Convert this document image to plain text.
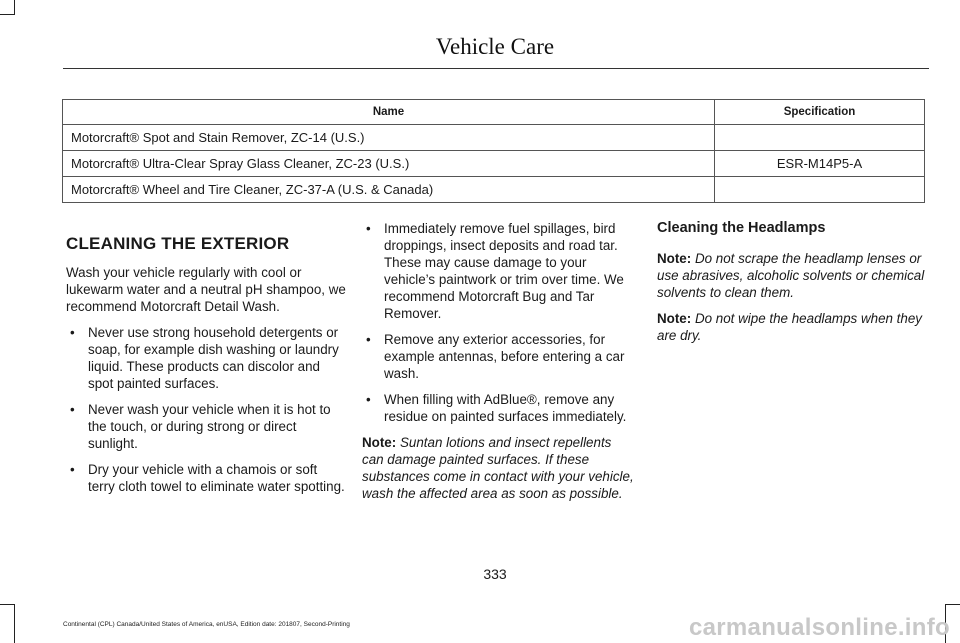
Vehicle Care
Name	Specification
Motorcraft® Spot and Stain Remover, ZC-14 (U.S.)	
Motorcraft® Ultra-Clear Spray Glass Cleaner, ZC-23 (U.S.)	ESR-M14P5-A
Motorcraft® Wheel and Tire Cleaner, ZC-37-A (U.S. & Canada)	
CLEANING THE EXTERIOR

Wash your vehicle regularly with cool or lukewarm water and a neutral pH shampoo, we recommend Motorcraft Detail Wash.

• Never use strong household detergents or soap, for example dish washing or laundry liquid. These products can discolor and spot painted surfaces.
• Never wash your vehicle when it is hot to the touch, or during strong or direct sunlight.
• Dry your vehicle with a chamois or soft terry cloth towel to eliminate water spotting.
• Immediately remove fuel spillages, bird droppings, insect deposits and road tar. These may cause damage to your vehicle’s paintwork or trim over time. We recommend Motorcraft Bug and Tar Remover.
• Remove any exterior accessories, for example antennas, before entering a car wash.
• When filling with AdBlue®, remove any residue on painted surfaces immediately.

Note: Suntan lotions and insect repellents can damage painted surfaces. If these substances come in contact with your vehicle, wash the affected area as soon as possible.

Cleaning the Headlamps

Note: Do not scrape the headlamp lenses or use abrasives, alcoholic solvents or chemical solvents to clean them.

Note: Do not wipe the headlamps when they are dry.

333
Continental (CPL) Canada/United States of America, enUSA, Edition date: 201807, Second-Printing	carmanualsonline.info
